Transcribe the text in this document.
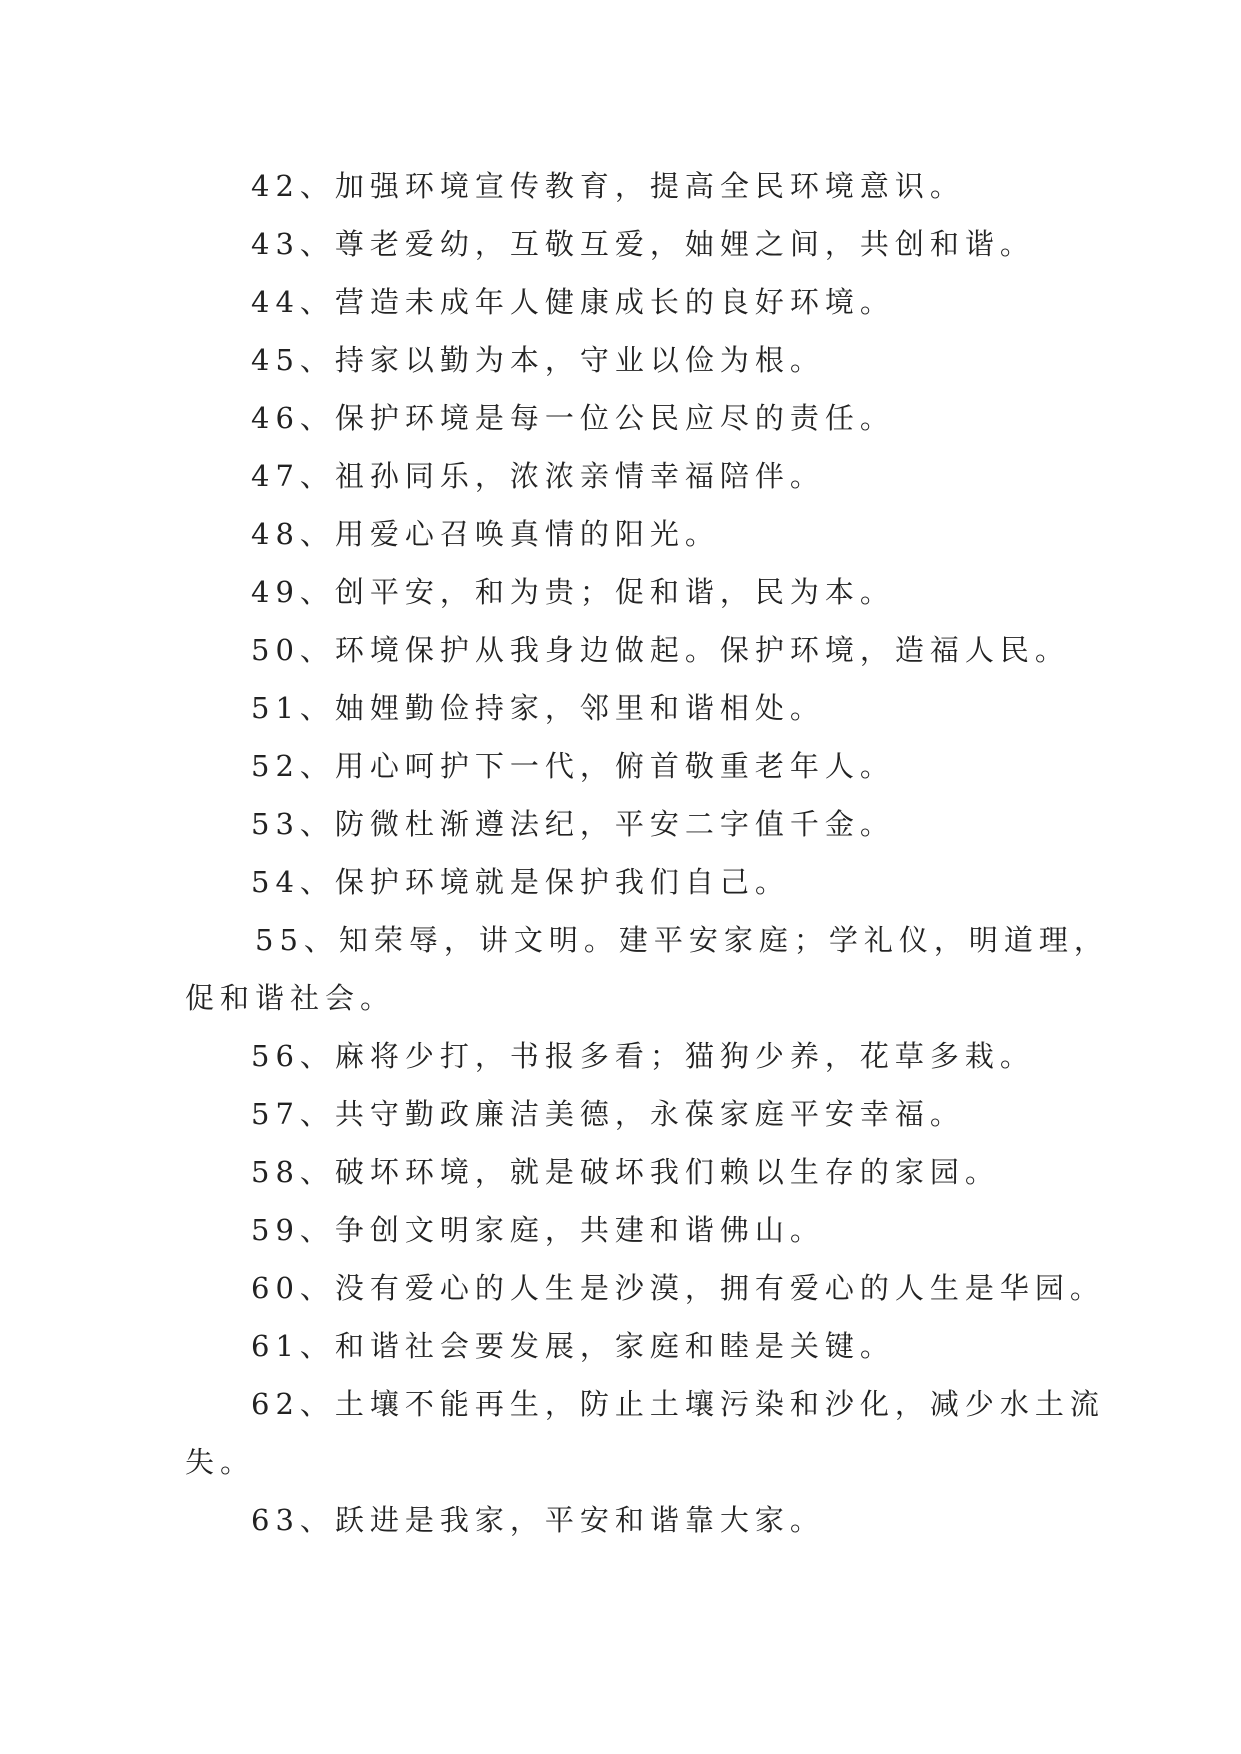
42、加强环境宣传教育，提高全民环境意识。

43、尊老爱幼，互敬互爱，妯娌之间，共创和谐。

44、营造未成年人健康成长的良好环境。

45、持家以勤为本，守业以俭为根。

46、保护环境是每一位公民应尽的责任。

47、祖孙同乐，浓浓亲情幸福陪伴。

48、用爱心召唤真情的阳光。

49、创平安，和为贵；促和谐，民为本。

50、环境保护从我身边做起。保护环境，造福人民。

51、妯娌勤俭持家，邻里和谐相处。

52、用心呵护下一代，俯首敬重老年人。

53、防微杜渐遵法纪，平安二字值千金。

54、保护环境就是保护我们自己。

55、知荣辱，讲文明。建平安家庭；学礼仪，明道理，

促和谐社会。

56、麻将少打，书报多看；猫狗少养，花草多栽。

57、共守勤政廉洁美德，永葆家庭平安幸福。

58、破坏环境，就是破坏我们赖以生存的家园。

59、争创文明家庭，共建和谐佛山。

60、没有爱心的人生是沙漠，拥有爱心的人生是华园。

61、和谐社会要发展，家庭和睦是关键。

62、土壤不能再生，防止土壤污染和沙化，减少水土流

失。

63、跃进是我家，平安和谐靠大家。
